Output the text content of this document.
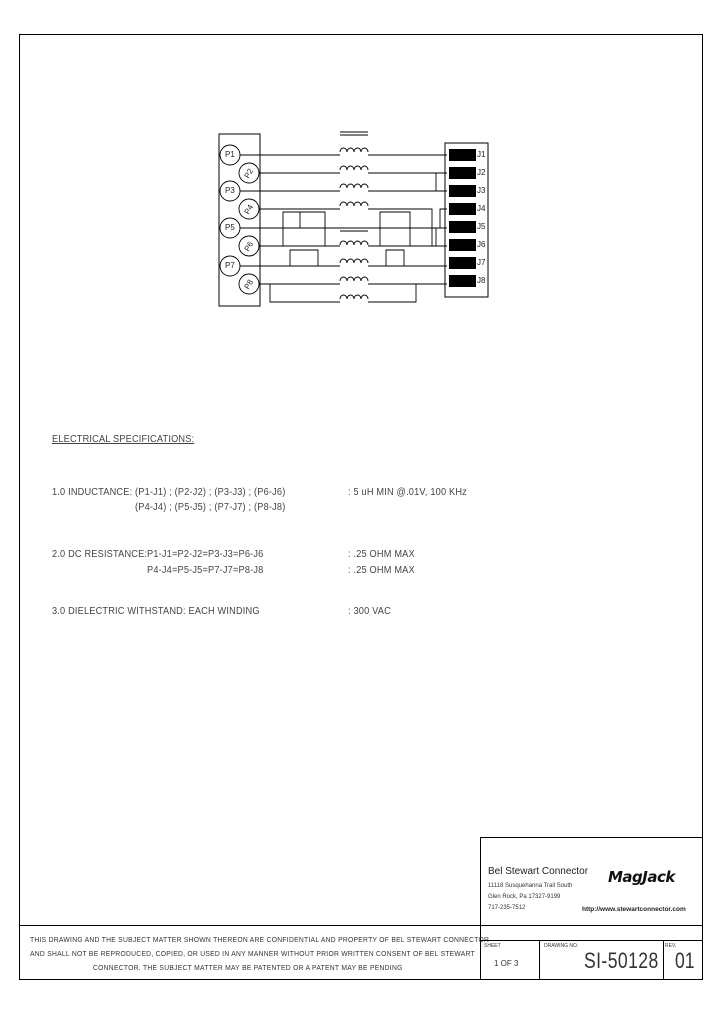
P1
P2
P3
P4
P5
P6
P7
P8
J1
J2
J3
J4
J5
J6
J7
J8
ELECTRICAL SPECIFICATIONS:
1.0 INDUCTANCE: (P1-J1) ; (P2-J2) ; (P3-J3) ; (P6-J6)
(P4-J4) ; (P5-J5) ; (P7-J7) ; (P8-J8)
: 5 uH MIN @.01V, 100 KHz
2.0 DC RESISTANCE: P1-J1=P2-J2=P3-J3=P6-J6
P4-J4=P5-J5=P7-J7=P8-J8
: .25 OHM MAX
: .25 OHM MAX
3.0 DIELECTRIC WITHSTAND: EACH WINDING	: 300 VAC
Bel Stewart Connector
11118 Susquehanna Trail South
Glen Rock, Pa 17327-9199
717-235-7512
MagJack
http://www.stewartconnector.com
THIS DRAWING AND THE SUBJECT MATTER SHOWN THEREON ARE CONFIDENTIAL AND PROPERTY OF BEL STEWART CONNECTOR
AND SHALL NOT BE REPRODUCED, COPIED, OR USED IN ANY MANNER WITHOUT PRIOR WRITTEN CONSENT OF BEL STEWART
CONNECTOR. THE SUBJECT MATTER MAY BE PATENTED OR A PATENT MAY BE PENDING
SHEET
1 OF 3
DRAWING NO.
SI-50128
REV.
01
